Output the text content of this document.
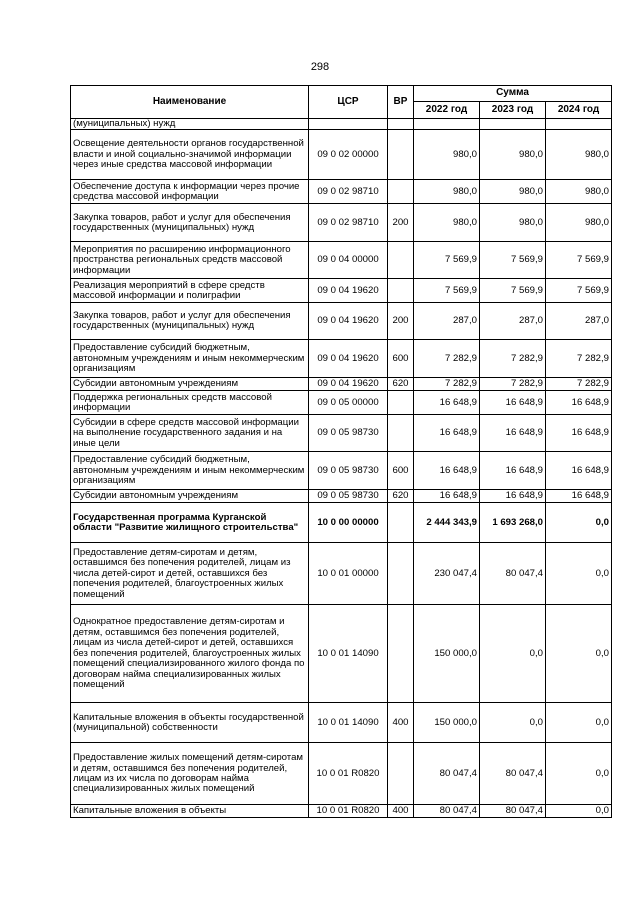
298
Наименование	ЦСР	ВР	Сумма		
			2022 год	2023 год	2024 год
(муниципальных) нужд					
Освещение деятельности органов государственной власти и иной социально-значимой информации через иные средства массовой информации	09 0 02 00000		980,0	980,0	980,0
Обеспечение доступа к информации через прочие средства массовой информации	09 0 02 98710		980,0	980,0	980,0
Закупка товаров, работ и услуг для обеспечения государственных (муниципальных) нужд	09 0 02 98710	200	980,0	980,0	980,0
Мероприятия по расширению информационного пространства региональных средств массовой информации	09 0 04 00000		7 569,9	7 569,9	7 569,9
Реализация мероприятий в сфере средств массовой информации и полиграфии	09 0 04 19620		7 569,9	7 569,9	7 569,9
Закупка товаров, работ и услуг для обеспечения государственных (муниципальных) нужд	09 0 04 19620	200	287,0	287,0	287,0
Предоставление субсидий бюджетным, автономным учреждениям и иным некоммерческим организациям	09 0 04 19620	600	7 282,9	7 282,9	7 282,9
Субсидии автономным учреждениям	09 0 04 19620	620	7 282,9	7 282,9	7 282,9
Поддержка региональных средств массовой информации	09 0 05 00000		16 648,9	16 648,9	16 648,9
Субсидии в сфере средств массовой информации на выполнение государственного задания и на иные цели	09 0 05 98730		16 648,9	16 648,9	16 648,9
Предоставление субсидий бюджетным, автономным учреждениям и иным некоммерческим организациям	09 0 05 98730	600	16 648,9	16 648,9	16 648,9
Субсидии автономным учреждениям	09 0 05 98730	620	16 648,9	16 648,9	16 648,9
Государственная программа Курганской области "Развитие жилищного строительства"	10 0 00 00000		2 444 343,9	1 693 268,0	0,0
Предоставление детям-сиротам и детям, оставшимся без попечения родителей, лицам из числа детей-сирот и детей, оставшихся без попечения родителей, благоустроенных жилых помещений	10 0 01 00000		230 047,4	80 047,4	0,0
Однократное предоставление детям-сиротам и детям, оставшимся без попечения родителей, лицам из числа детей-сирот и детей, оставшихся без попечения родителей, благоустроенных жилых помещений специализированного жилого фонда по договорам найма специализированных жилых помещений	10 0 01 14090		150 000,0	0,0	0,0
Капитальные вложения в объекты государственной (муниципальной) собственности	10 0 01 14090	400	150 000,0	0,0	0,0
Предоставление жилых помещений детям-сиротам и детям, оставшимся без попечения родителей, лицам из их числа по договорам найма специализированных жилых помещений	10 0 01 R0820		80 047,4	80 047,4	0,0
Капитальные вложения в объекты	10 0 01 R0820	400	80 047,4	80 047,4	0,0
